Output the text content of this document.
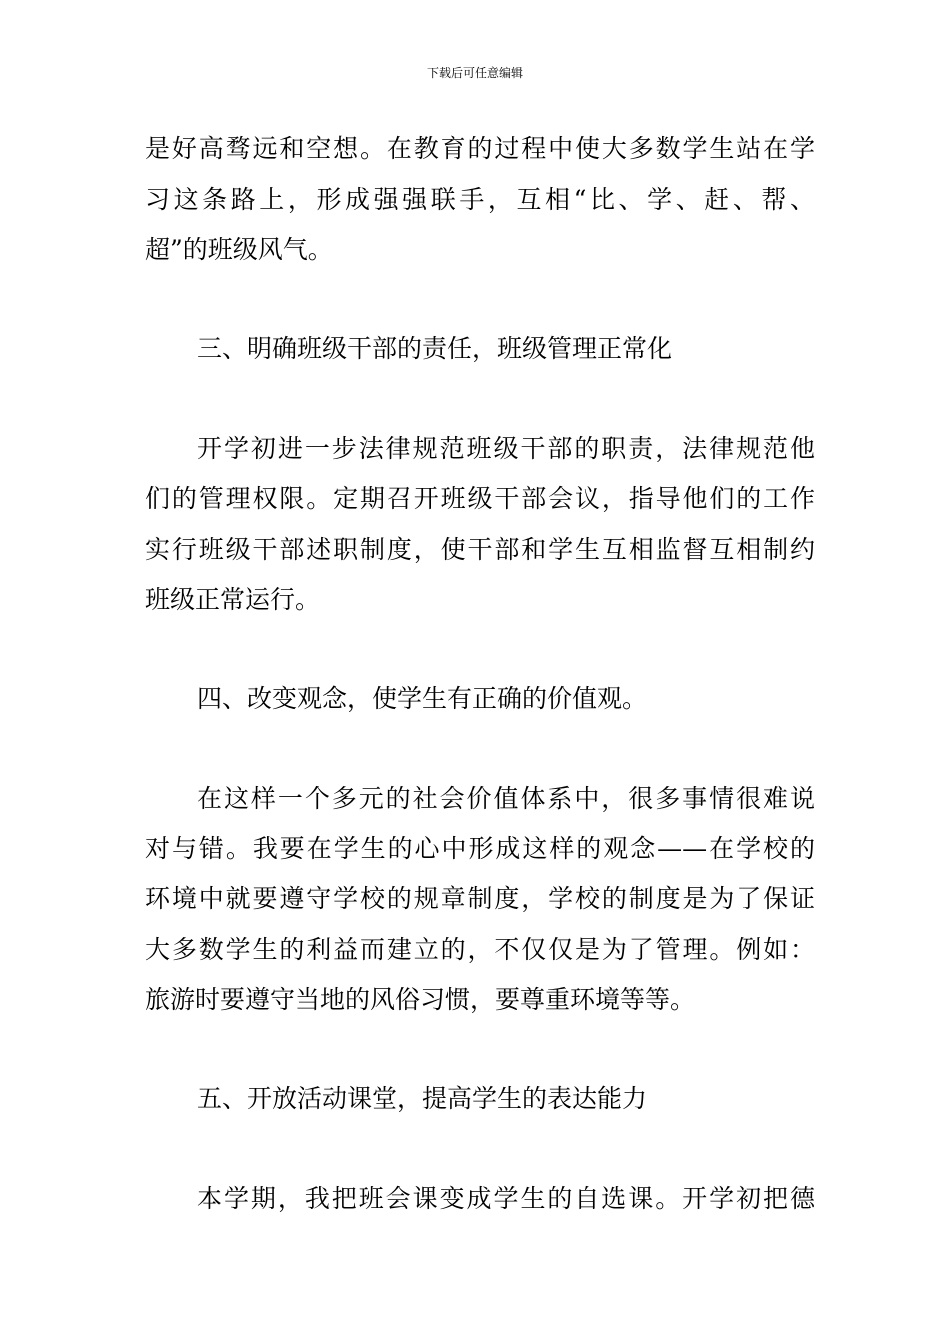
下载后可任意编辑
是好高骛远和空想。在教育的过程中使大多数学生站在学
习这条路上，形成强强联手，互相“比、学、赶、帮、
超”的班级风气。
三、明确班级干部的责任，班级管理正常化
开学初进一步法律规范班级干部的职责，法律规范他
们的管理权限。定期召开班级干部会议，指导他们的工作
实行班级干部述职制度，使干部和学生互相监督互相制约
班级正常运行。
四、改变观念，使学生有正确的价值观。
在这样一个多元的社会价值体系中，很多事情很难说
对与错。我要在学生的心中形成这样的观念——在学校的
环境中就要遵守学校的规章制度，学校的制度是为了保证
大多数学生的利益而建立的，不仅仅是为了管理。例如：
旅游时要遵守当地的风俗习惯，要尊重环境等等。
五、开放活动课堂，提高学生的表达能力
本学期，我把班会课变成学生的自选课。开学初把德
